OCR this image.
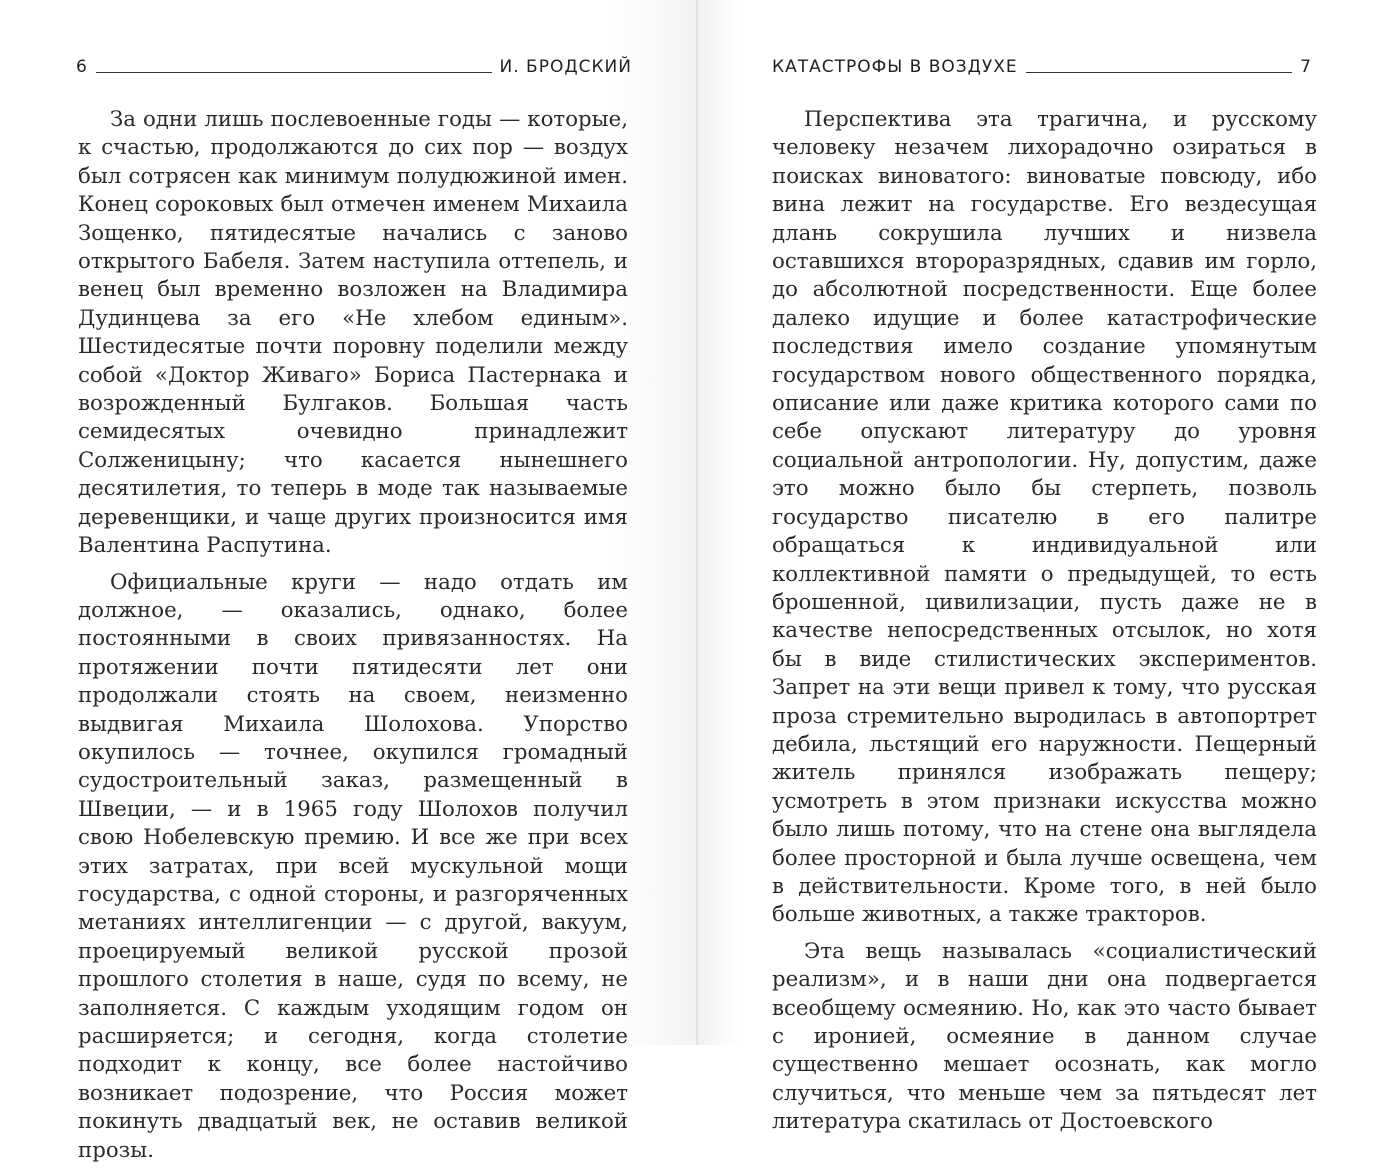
6	И. БРОДСКИЙ

За одни лишь послевоенные годы — которые, к счастью, продолжаются до сих пор — воздух был сотрясен как минимум полудюжиной имен. Конец сороковых был отмечен именем Михаила Зощенко, пятидесятые начались с заново открытого Бабеля. Затем наступила оттепель, и венец был временно возложен на Владимира Дудинцева за его «Не хлебом единым». Шестидесятые почти поровну поделили между собой «Доктор Живаго» Бориса Пастернака и возрожденный Булгаков. Большая часть семидесятых очевидно принадлежит Солженицыну; что касается нынешнего десятилетия, то теперь в моде так называемые деревенщики, и чаще других произносится имя Валентина Распутина.

Официальные круги — надо отдать им должное, — оказались, однако, более постоянными в своих привязанностях. На протяжении почти пятидесяти лет они продолжали стоять на своем, неизменно выдвигая Михаила Шолохова. Упорство окупилось — точнее, окупился громадный судостроительный заказ, размещенный в Швеции, — и в 1965 году Шолохов получил свою Нобелевскую премию. И все же при всех этих затратах, при всей мускульной мощи государства, с одной стороны, и разгоряченных метаниях интеллигенции — с другой, вакуум, проецируемый великой русской прозой прошлого столетия в наше, судя по всему, не заполняется. С каждым уходящим годом он расширяется; и сегодня, когда столетие подходит к концу, все более настойчиво возникает подозрение, что Россия может покинуть двадцатый век, не оставив великой прозы.

КАТАСТРОФЫ В ВОЗДУХЕ	7

Перспектива эта трагична, и русскому человеку незачем лихорадочно озираться в поисках виноватого: виноватые повсюду, ибо вина лежит на государстве. Его вездесущая длань сокрушила лучших и низвела оставшихся второразрядных, сдавив им горло, до абсолютной посредственности. Еще более далеко идущие и более катастрофические последствия имело создание упомянутым государством нового общественного порядка, описание или даже критика которого сами по себе опускают литературу до уровня социальной антропологии. Ну, допустим, даже это можно было бы стерпеть, позволь государство писателю в его палитре обращаться к индивидуальной или коллективной памяти о предыдущей, то есть брошенной, цивилизации, пусть даже не в качестве непосредственных отсылок, но хотя бы в виде стилистических экспериментов. Запрет на эти вещи привел к тому, что русская проза стремительно выродилась в автопортрет дебила, льстящий его наружности. Пещерный житель принялся изображать пещеру; усмотреть в этом признаки искусства можно было лишь потому, что на стене она выглядела более просторной и была лучше освещена, чем в действительности. Кроме того, в ней было больше животных, а также тракторов.

Эта вещь называлась «социалистический реализм», и в наши дни она подвергается всеобщему осмеянию. Но, как это часто бывает с иронией, осмеяние в данном случае существенно мешает осознать, как могло случиться, что меньше чем за пятьдесят лет литература скатилась от Достоевского
